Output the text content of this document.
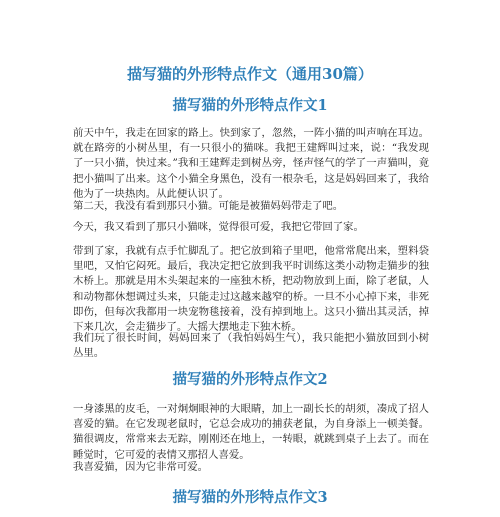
描写猫的外形特点作文（通用30篇）
描写猫的外形特点作文1

前天中午，我走在回家的路上。快到家了，忽然，一阵小猫的叫声响在耳边。就在路旁的小树丛里，有一只很小的猫咪。我把王建辉叫过来，说：“我发现了一只小猫，快过来。”我和王建辉走到树丛旁，怪声怪气的学了一声猫叫，竟把小猫叫了出来。这个小猫全身黑色，没有一根杂毛，这是妈妈回来了，我给他为了一块热肉。从此便认识了。

第二天，我没有看到那只小猫。可能是被猫妈妈带走了吧。

今天，我又看到了那只小猫咪，觉得很可爱，我把它带回了家。

带到了家，我就有点手忙脚乱了。把它放到箱子里吧，他常常爬出来，塑料袋里吧，又怕它闷死。最后，我决定把它放到我平时训练这类小动物走猫步的独木桥上。那就是用木头架起来的一座独木桥，把动物放到上面，除了老鼠，人和动物都休想调过头来，只能走过这越来越窄的桥。一旦不小心掉下来，非死即伤，但每次我都用一块宠物毯接着，没有掉到地上。这只小猫出其灵活，掉下来几次，会走猫步了。大摇大摆地走下独木桥。

我们玩了很长时间，妈妈回来了（我怕妈妈生气），我只能把小猫放回到小树丛里。

描写猫的外形特点作文2

一身漆黑的皮毛，一对炯炯眼神的大眼睛，加上一副长长的胡须，凑成了招人喜爱的猫。在它发现老鼠时，它总会成功的捕获老鼠，为自身添上一顿美餐。猫很调皮，常常来去无踪，刚刚还在地上，一转眼，就跳到桌子上去了。而在睡觉时，它可爱的表情又那招人喜爱。

我喜爱猫，因为它非常可爱。

描写猫的外形特点作文3
